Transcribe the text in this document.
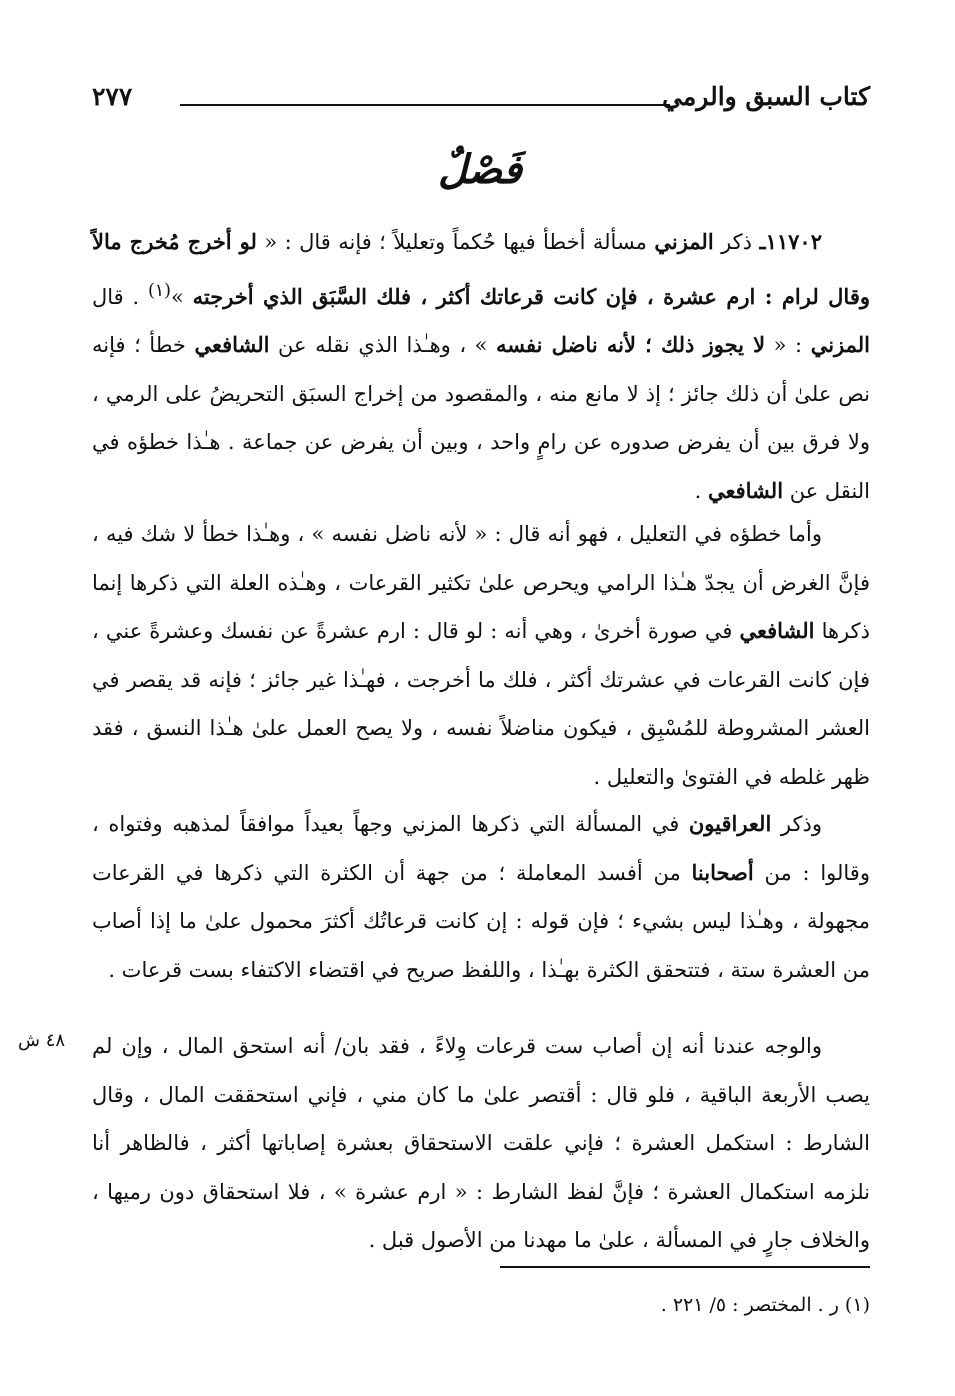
٢٧٧	كتاب السبق والرمي
فَصْلٌ

١١٧٠٢ـ ذكر المزني مسألة أخطأ فيها حُكماً وتعليلاً ؛ فإنه قال : « لو أخرج مُخرج مالاً وقال لرام : ارم عشرة ، فإن كانت قرعاتك أكثر ، فلك السَّبَق الذي أخرجته »$^{(١)}$ . قال المزني : « لا يجوز ذلك ؛ لأنه ناضل نفسه » ، وهـٰذا الذي نقله عن الشافعي خطأ ؛ فإنه نص علىٰ أن ذلك جائز ؛ إذ لا مانع منه ، والمقصود من إخراج السبَق التحريضُ على الرمي ، ولا فرق بين أن يفرض صدوره عن رامٍ واحد ، وبين أن يفرض عن جماعة . هـٰذا خطؤه في النقل عن الشافعي .

وأما خطؤه في التعليل ، فهو أنه قال : « لأنه ناضل نفسه » ، وهـٰذا خطأ لا شك فيه ، فإنَّ الغرض أن يجدّ هـٰذا الرامي ويحرص علىٰ تكثير القرعات ، وهـٰذه العلة التي ذكرها إنما ذكرها الشافعي في صورة أخرىٰ ، وهي أنه : لو قال : ارم عشرةً عن نفسك وعشرةً عني ، فإن كانت القرعات في عشرتك أكثر ، فلك ما أخرجت ، فهـٰذا غير جائز ؛ فإنه قد يقصر في العشر المشروطة للمُسْبِق ، فيكون مناضلاً نفسه ، ولا يصح العمل علىٰ هـٰذا النسق ، فقد ظهر غلطه في الفتوىٰ والتعليل .

وذكر العراقيون في المسألة التي ذكرها المزني وجهاً بعيداً موافقاً لمذهبه وفتواه ، وقالوا : من أصحابنا من أفسد المعاملة ؛ من جهة أن الكثرة التي ذكرها في القرعات مجهولة ، وهـٰذا ليس بشيء ؛ فإن قوله : إن كانت قرعاتُك أكثرَ محمول علىٰ ما إذا أصاب من العشرة ستة ، فتتحقق الكثرة بهـٰذا ، واللفظ صريح في اقتضاء الاكتفاء بست قرعات .

والوجه عندنا أنه إن أصاب ست قرعات وِلاءً ، فقد بان/ أنه استحق المال ، وإن لم يصب الأربعة الباقية ، فلو قال : أقتصر علىٰ ما كان مني ، فإني استحققت المال ، وقال الشارط : استكمل العشرة ؛ فإني علقت الاستحقاق بعشرة إصاباتها أكثر ، فالظاهر أنا نلزمه استكمال العشرة ؛ فإنَّ لفظ الشارط : « ارم عشرة » ، فلا استحقاق دون رميها ، والخلاف جارٍ في المسألة ، علىٰ ما مهدنا من الأصول قبل .

٤٨ ش
(١) ر . المختصر : ٥/ ٢٢١ .
